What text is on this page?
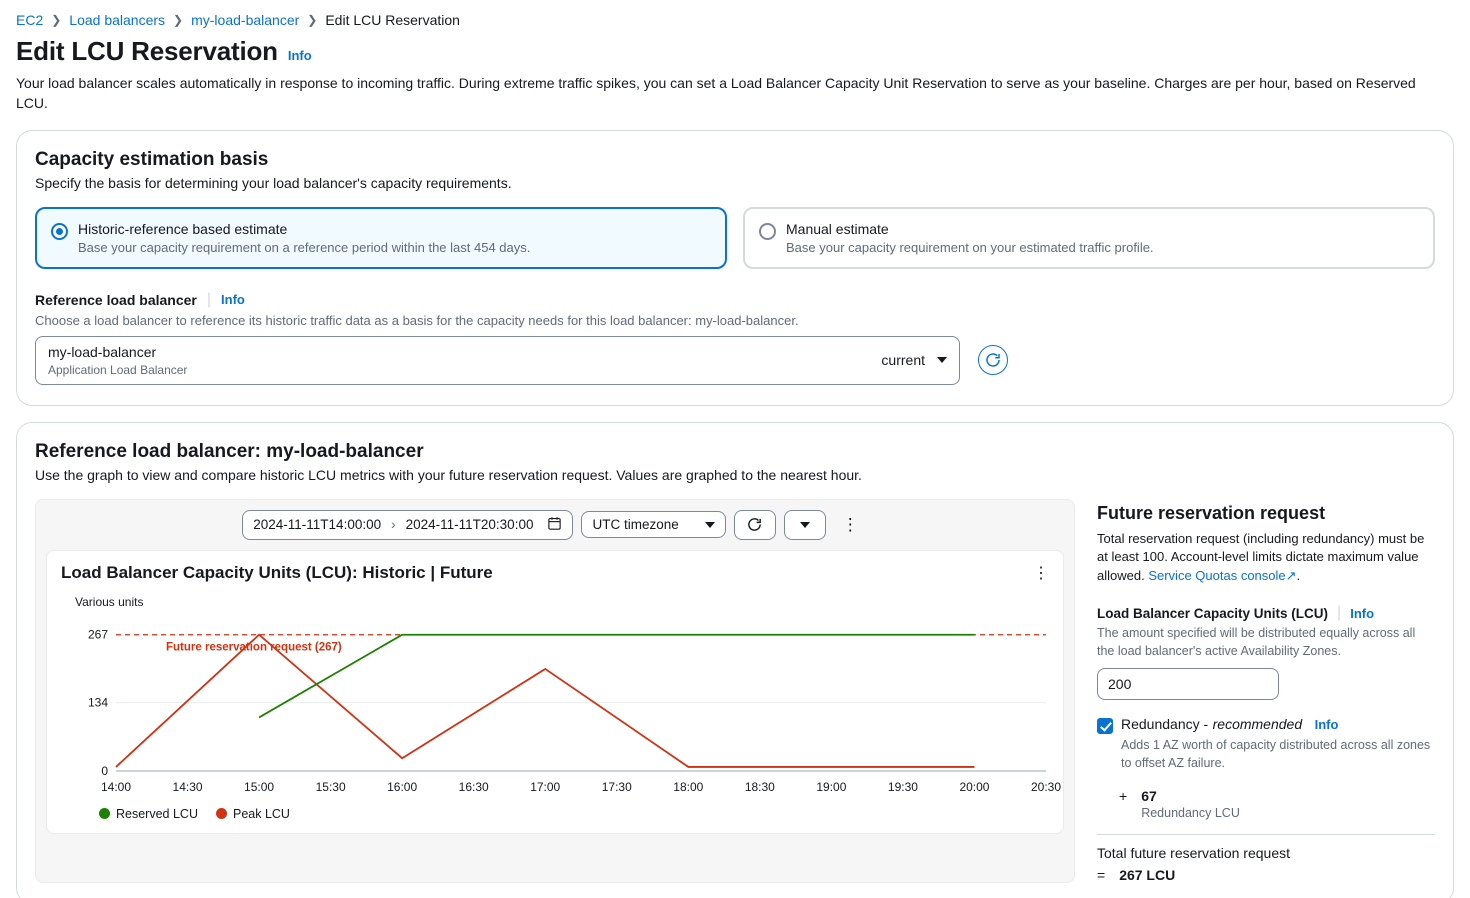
EC2 ❯ Load balancers ❯ my-load-balancer ❯ Edit LCU Reservation
Edit LCU Reservation Info
Your load balancer scales automatically in response to incoming traffic. During extreme traffic spikes, you can set a Load Balancer Capacity Unit Reservation to serve as your baseline. Charges are per hour, based on Reserved LCU.
Capacity estimation basis

Specify the basis for determining your load balancer's capacity requirements.

Historic-reference based estimate
Base your capacity requirement on a reference period within the last 454 days.
Manual estimate
Base your capacity requirement on your estimated traffic profile.
Reference load balancer | Info
Choose a load balancer to reference its historic traffic data as a basis for the capacity needs for this load balancer: my-load-balancer.
my-load-balancer
Application Load Balancer
current
Reference load balancer: my-load-balancer

Use the graph to view and compare historic LCU metrics with your future reservation request. Values are graphed to the nearest hour.

2024-11-11T14:00:00 › 2024-11-11T20:30:00	UTC timezone	⋮
⋮
Load Balancer Capacity Units (LCU): Historic | Future
Various units
0
134
267
14:00	14:30	15:00	15:30	16:00	16:30	17:00	17:30	18:00	18:30	19:00	19:30	20:00	20:30
Future reservation request (267)
Reserved LCU	Peak LCU
Future reservation request
Total reservation request (including redundancy) must be at least 100. Account-level limits dictate maximum value allowed. Service Quotas console↗.
Load Balancer Capacity Units (LCU) | Info
The amount specified will be distributed equally across all the load balancer's active Availability Zones.
200
Redundancy - recommended Info
Adds 1 AZ worth of capacity distributed across all zones to offset AZ failure.
+ 67
Redundancy LCU
Total future reservation request
= 267 LCU
